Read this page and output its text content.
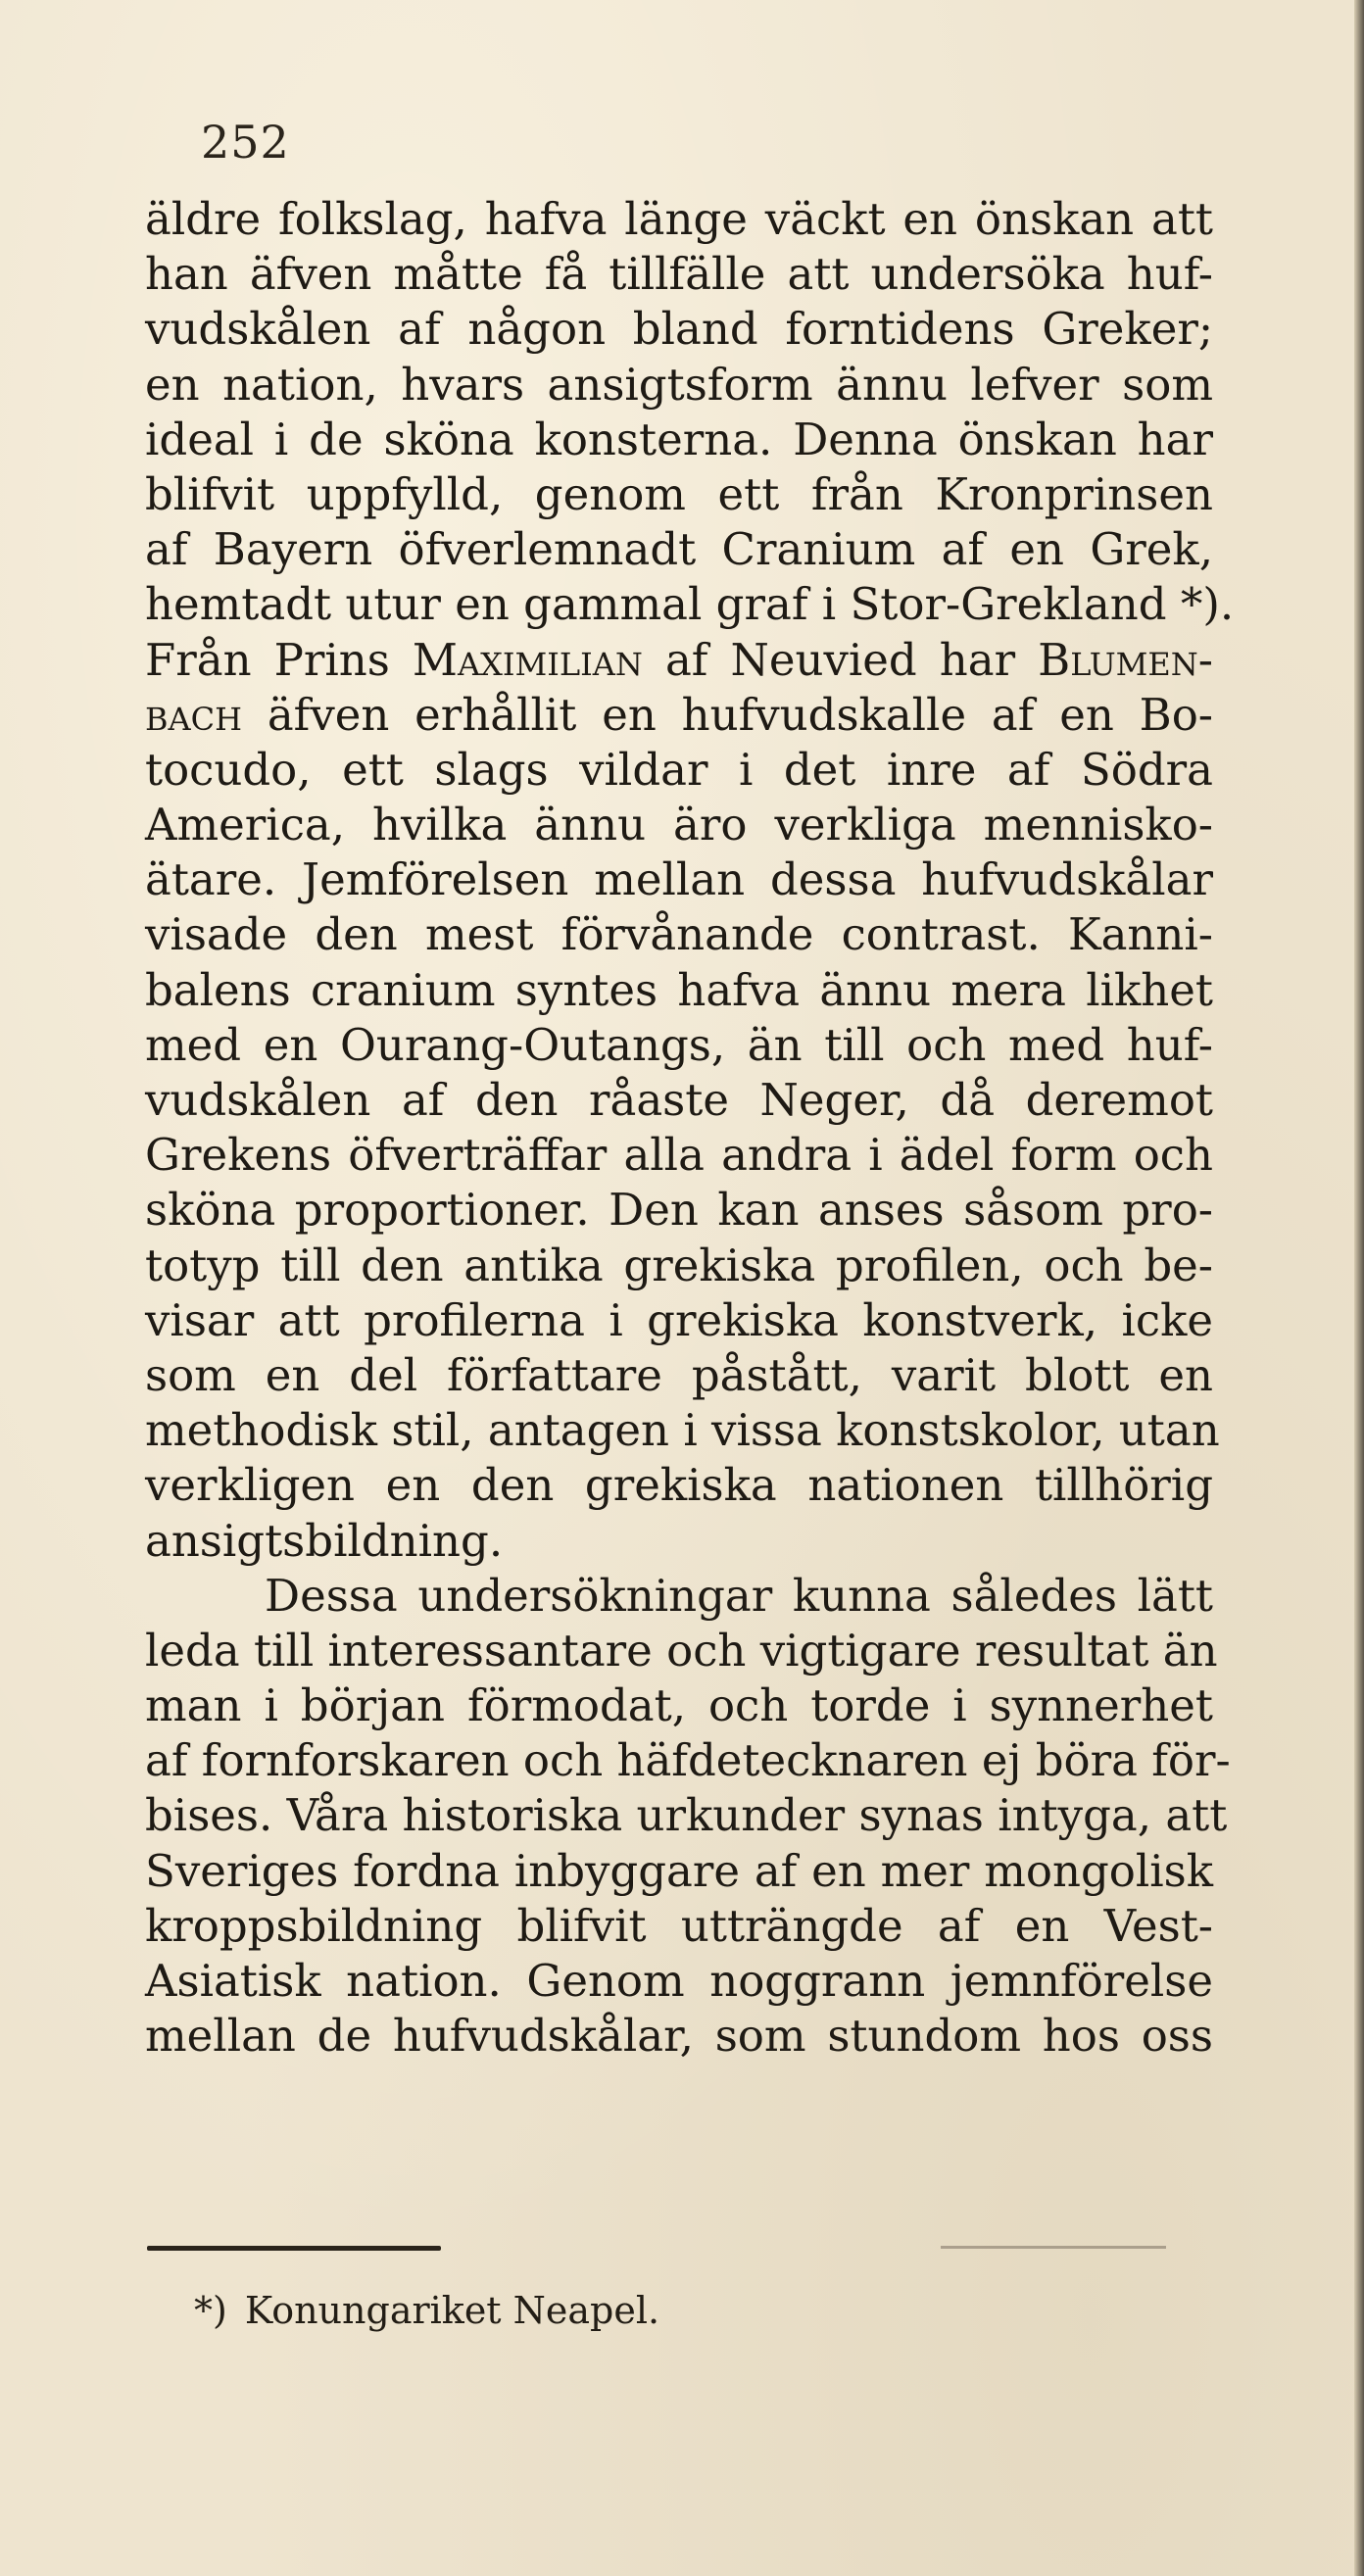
252
äldre folkslag, hafva länge väckt en önskan att
han äfven måtte få tillfälle att undersöka huf-
vudskålen af någon bland forntidens Greker;
en nation, hvars ansigtsform ännu lefver som
ideal i de sköna konsterna. Denna önskan har
blifvit uppfylld, genom ett från Kronprinsen
af Bayern öfverlemnadt Cranium af en Grek,
hemtadt utur en gammal graf i Stor-Grekland *).
Från Prins Maximilian af Neuvied har Blumen-
bach äfven erhållit en hufvudskalle af en Bo-
tocudo, ett slags vildar i det inre af Södra
America, hvilka ännu äro verkliga mennisko-
ätare. Jemförelsen mellan dessa hufvudskålar
visade den mest förvånande contrast. Kanni-
balens cranium syntes hafva ännu mera likhet
med en Ourang-Outangs, än till och med huf-
vudskålen af den råaste Neger, då deremot
Grekens öfverträffar alla andra i ädel form och
sköna proportioner. Den kan anses såsom pro-
totyp till den antika grekiska profilen, och be-
visar att profilerna i grekiska konstverk, icke
som en del författare påstått, varit blott en
methodisk stil, antagen i vissa konstskolor, utan
verkligen en den grekiska nationen tillhörig
ansigtsbildning.
Dessa undersökningar kunna således lätt
leda till interessantare och vigtigare resultat än
man i början förmodat, och torde i synnerhet
af fornforskaren och häfdetecknaren ej böra för-
bises. Våra historiska urkunder synas intyga, att
Sveriges fordna inbyggare af en mer mongolisk
kroppsbildning blifvit utträngde af en Vest-
Asiatisk nation. Genom noggrann jemnförelse
mellan de hufvudskålar, som stundom hos oss
*) Konungariket Neapel.
